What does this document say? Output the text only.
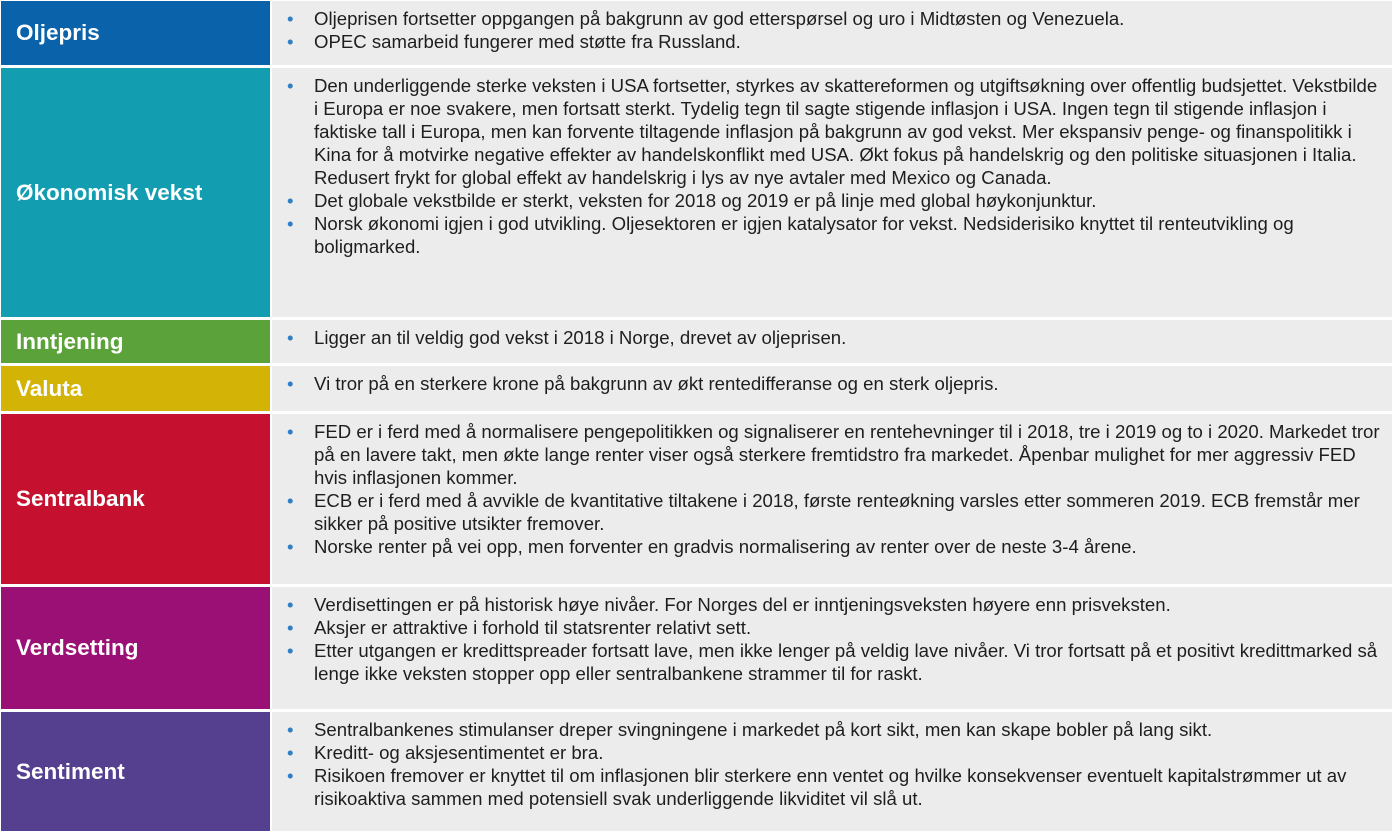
Oljepris
• Oljeprisen fortsetter oppgangen på bakgrunn av god etterspørsel og uro i Midtøsten og Venezuela.
• OPEC samarbeid fungerer med støtte fra Russland.
Økonomisk vekst
• Den underliggende sterke veksten i USA fortsetter, styrkes av skattereformen og utgiftsøkning over offentlig budsjettet. Vekstbilde i Europa er noe svakere, men fortsatt sterkt. Tydelig tegn til sagte stigende inflasjon i USA. Ingen tegn til stigende inflasjon i faktiske tall i Europa, men kan forvente tiltagende inflasjon på bakgrunn av god vekst. Mer ekspansiv penge- og finanspolitikk i Kina for å motvirke negative effekter av handelskonflikt med USA. Økt fokus på handelskrig og den politiske situasjonen i Italia. Redusert frykt for global effekt av handelskrig i lys av nye avtaler med Mexico og Canada.
• Det globale vekstbilde er sterkt, veksten for 2018 og 2019 er på linje med global høykonjunktur.
• Norsk økonomi igjen i god utvikling. Oljesektoren er igjen katalysator for vekst. Nedsiderisiko knyttet til renteutvikling og boligmarked.
Inntjening	• Ligger an til veldig god vekst i 2018 i Norge, drevet av oljeprisen.
Valuta	• Vi tror på en sterkere krone på bakgrunn av økt rentedifferanse og en sterk oljepris.
Sentralbank
• FED er i ferd med å normalisere pengepolitikken og signaliserer en rentehevninger til i 2018, tre i 2019 og to i 2020. Markedet tror på en lavere takt, men økte lange renter viser også sterkere fremtidstro fra markedet. Åpenbar mulighet for mer aggressiv FED hvis inflasjonen kommer.
• ECB er i ferd med å avvikle de kvantitative tiltakene i 2018, første renteøkning varsles etter sommeren 2019. ECB fremstår mer sikker på positive utsikter fremover.
• Norske renter på vei opp, men forventer en gradvis normalisering av renter over de neste 3-4 årene.
Verdsetting
• Verdisettingen er på historisk høye nivåer. For Norges del er inntjeningsveksten høyere enn prisveksten.
• Aksjer er attraktive i forhold til statsrenter relativt sett.
• Etter utgangen er kredittspreader fortsatt lave, men ikke lenger på veldig lave nivåer. Vi tror fortsatt på et positivt kredittmarked så lenge ikke veksten stopper opp eller sentralbankene strammer til for raskt.
Sentiment
• Sentralbankenes stimulanser dreper svingningene i markedet på kort sikt, men kan skape bobler på lang sikt.
• Kreditt- og aksjesentimentet er bra.
• Risikoen fremover er knyttet til om inflasjonen blir sterkere enn ventet og hvilke konsekvenser eventuelt kapitalstrømmer ut av risikoaktiva sammen med potensiell svak underliggende likviditet vil slå ut.
